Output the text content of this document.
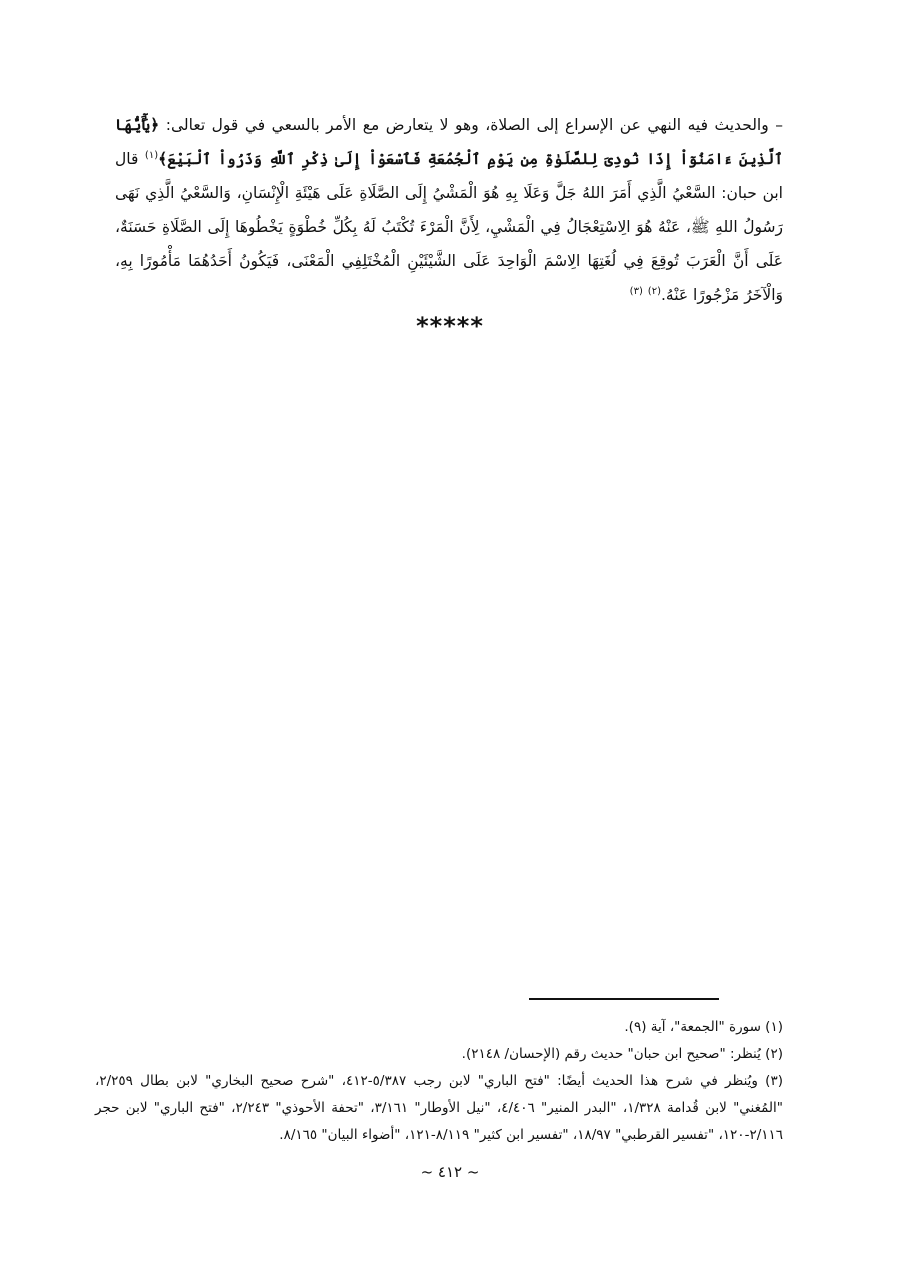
– والحديث فيه النهي عن الإسراع إلى الصلاة، وهو لا يتعارض مع الأمر بالسعي في قول تعالى: ﴿يَٰٓأَيُّهَا ٱلَّذِينَ ءَامَنُوٓاْ إِذَا نُودِىَ لِلصَّلَوٰةِ مِن يَوْمِ ٱلْجُمُعَةِ فَٱسْعَوْاْ إِلَىٰ ذِكْرِ ٱللَّهِ وَذَرُواْ ٱلْبَيْعَ﴾$^{(١)}$ قال ابن حبان: السَّعْيُ الَّذِي أَمَرَ اللهُ جَلَّ وَعَلَا بِهِ هُوَ الْمَشْيُ إِلَى الصَّلَاةِ عَلَى هَيْئَةِ الْإِنْسَانِ، وَالسَّعْيُ الَّذِي نَهَى رَسُولُ اللهِ ﷺ، عَنْهُ هُوَ الِاسْتِعْجَالُ فِي الْمَشْيِ، لِأَنَّ الْمَرْءَ تُكْتَبُ لَهُ بِكُلِّ خُطْوَةٍ يَخْطُوهَا إِلَى الصَّلَاةِ حَسَنَةٌ، عَلَى أَنَّ الْعَرَبَ تُوقِعَ فِي لُغَتِهَا الِاسْمَ الْوَاحِدَ عَلَى الشَّيْئَيْنِ الْمُخْتَلِفِي الْمَعْنَى، فَيَكُونُ أَحَدُهُمَا مَأْمُورًا بِهِ، وَالْآخَرُ مَزْجُورًا عَنْهُ.$^{(٢)}$ $^{(٣)}$
*****

(١) سورة "الجمعة"، آية (٩).

(٢) يُنظر: "صحيح ابن حبان" حديث رقم (الإحسان/ ٢١٤٨).

(٣) ويُنظر في شرح هذا الحديث أيضًا: "فتح الباري" لابن رجب ٥/٣٨٧-٤١٢، "شرح صحيح البخاري" لابن بطال ٢/٢٥٩، "المُغني" لابن قُدامة ١/٣٢٨، "البدر المنير" ٤/٤٠٦، "نيل الأوطار" ٣/١٦١، "تحفة الأحوذي" ٢/٢٤٣، "فتح الباري" لابن حجر ٢/١١٦-١٢٠، "تفسير القرطبي" ١٨/٩٧، "تفسير ابن كثير" ٨/١١٩-١٢١، "أضواء البيان" ٨/١٦٥.

~ ٤١٢ ~
